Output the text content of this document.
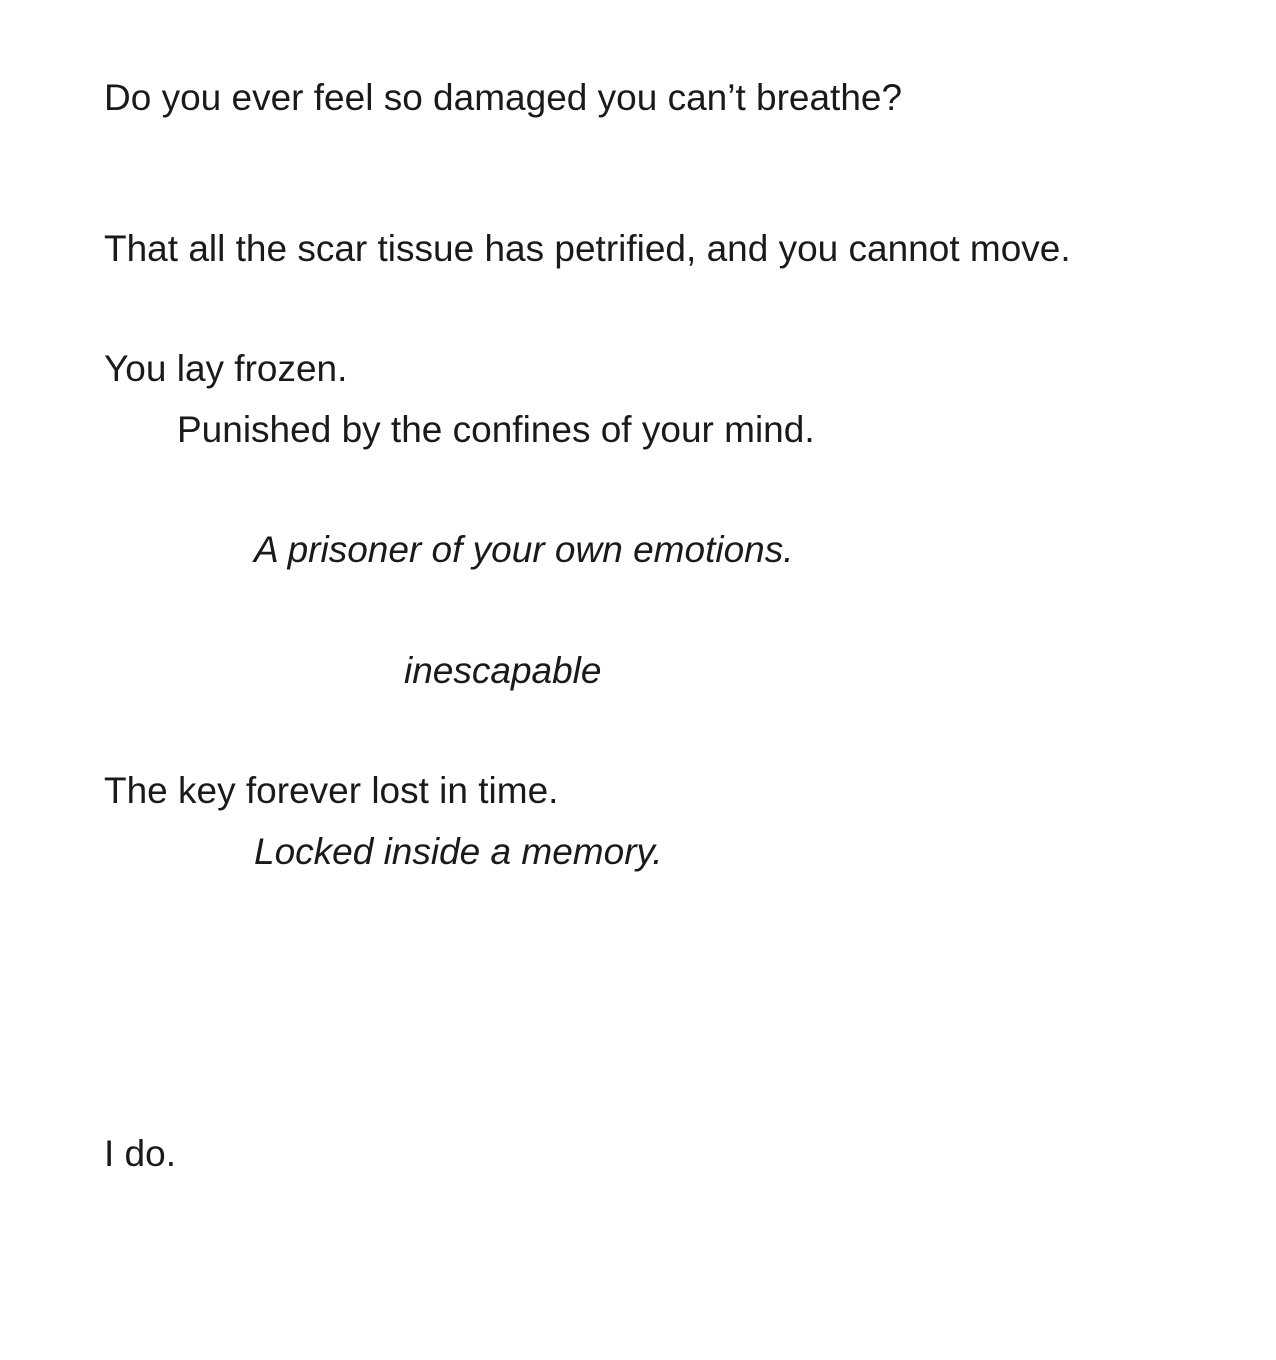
Do you ever feel so damaged you can’t breathe?
That all the scar tissue has petrified, and you cannot move.
You lay frozen.
Punished by the confines of your mind.
A prisoner of your own emotions.
inescapable
The key forever lost in time.
Locked inside a memory.
I do.
